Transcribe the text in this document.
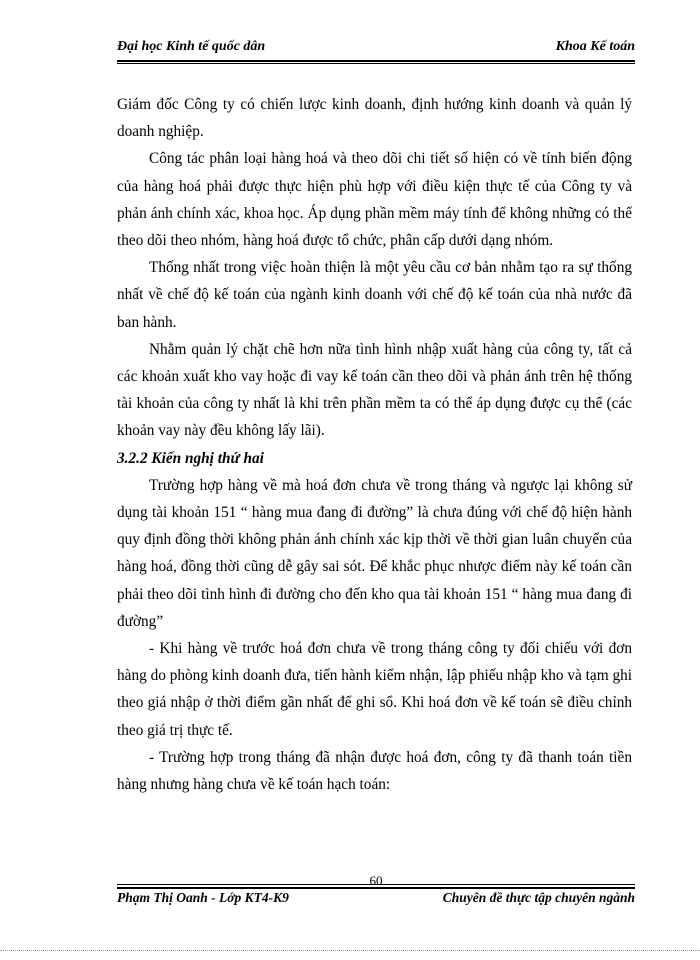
Đại học Kinh tế quốc dân	Khoa Kế toán

Giám đốc Công ty có chiến lược kinh doanh, định hướng kinh doanh và quản lý doanh nghiệp.

Công tác phân loại hàng hoá và theo dõi chi tiết số hiện có về tính biến động của hàng hoá phải được thực hiện phù hợp với điều kiện thực tế của Công ty và phản ánh chính xác, khoa học. Áp dụng phần mềm máy tính để không những có thể theo dõi theo nhóm, hàng hoá được tổ chức, phân cấp dưới dạng nhóm.

Thống nhất trong việc hoàn thiện là một yêu cầu cơ bản nhằm tạo ra sự thống nhất về chế độ kế toán của ngành kinh doanh với chế độ kế toán của nhà nước đã ban hành.

Nhằm quản lý chặt chẽ hơn nữa tình hình nhập xuất hàng của công ty, tất cả các khoản xuất kho vay hoặc đi vay kế toán cần theo dõi và phản ánh trên hệ thống tài khoản của công ty nhất là khi trên phần mềm ta có thể áp dụng được cụ thể (các khoản vay này đều không lấy lãi).

3.2.2 Kiến nghị thứ hai

Trường hợp hàng về mà hoá đơn chưa về trong tháng và ngược lại không sử dụng tài khoản 151 “ hàng mua đang đi đường” là chưa đúng với chế độ hiện hành quy định đồng thời không phản ánh chính xác kịp thời về thời gian luân chuyển của hàng hoá, đồng thời cũng dễ gây sai sót. Để khắc phục nhược điểm này kế toán cần phải theo dõi tình hình đi đường cho đến kho qua tài khoản 151 “ hàng mua đang đi đường”

- Khi hàng về trước hoá đơn chưa về trong tháng công ty đối chiếu với đơn hàng do phòng kinh doanh đưa, tiến hành kiểm nhận, lập phiếu nhập kho và tạm ghi theo giá nhập ở thời điểm gần nhất để ghi sổ. Khi hoá đơn về kế toán sẽ điều chỉnh theo giá trị thực tế.

- Trường hợp trong tháng đã nhận được hoá đơn, công ty đã thanh toán tiền hàng nhưng hàng chưa về kế toán hạch toán:

60
Phạm Thị Oanh - Lớp KT4-K9	Chuyên đề thực tập chuyên ngành
